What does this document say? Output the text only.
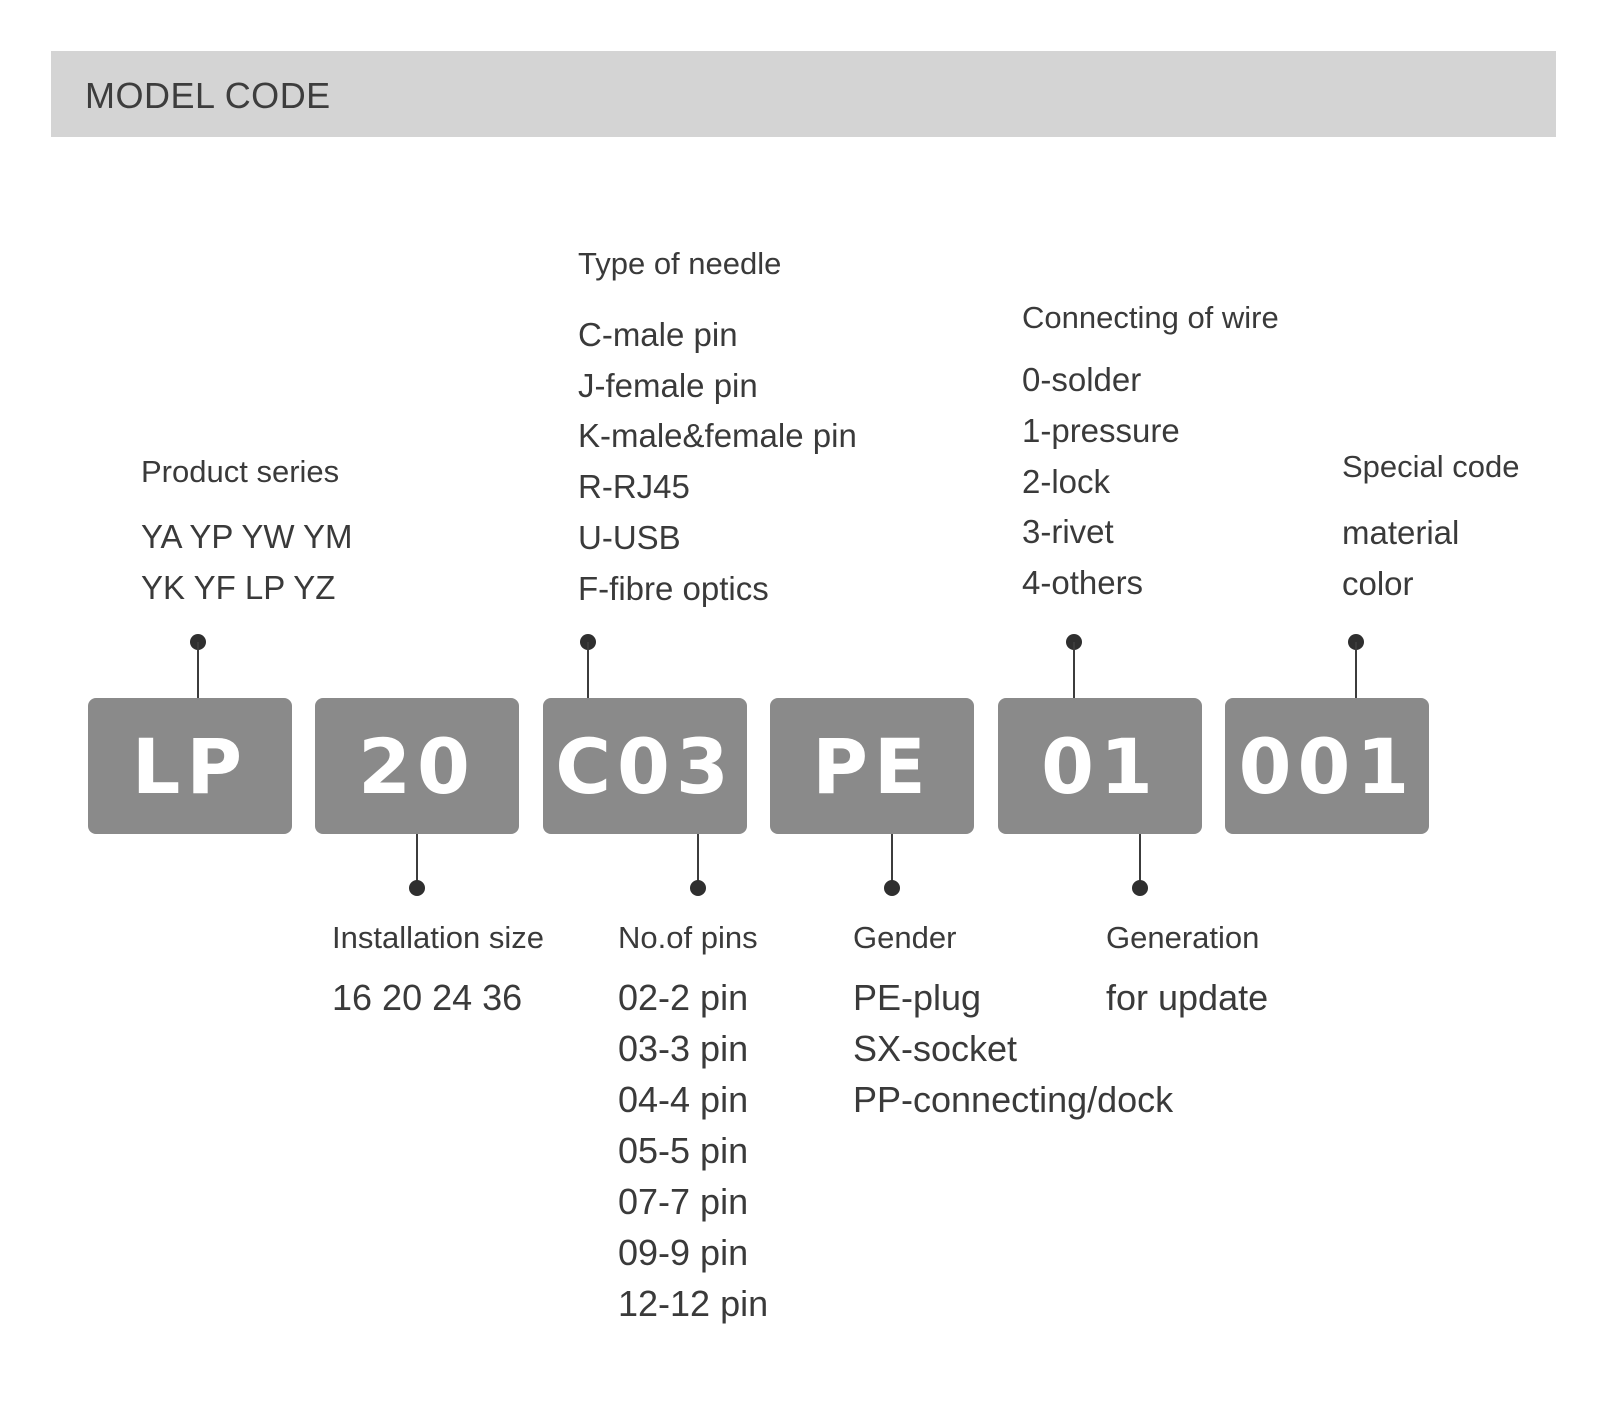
MODEL CODE
LP	20	C03	PE	01	001
Product series
YA YP YW YM
YK YF LP YZ
Type of needle
C-male pin
J-female pin
K-male&female pin
R-RJ45
U-USB
F-fibre optics
Connecting of wire
0-solder
1-pressure
2-lock
3-rivet
4-others
Special code
material
color
Installation size
16 20 24 36
No.of pins
02-2 pin
03-3 pin
04-4 pin
05-5 pin
07-7 pin
09-9 pin
12-12 pin
Gender
PE-plug
SX-socket
PP-connecting/dock
Generation
for update
